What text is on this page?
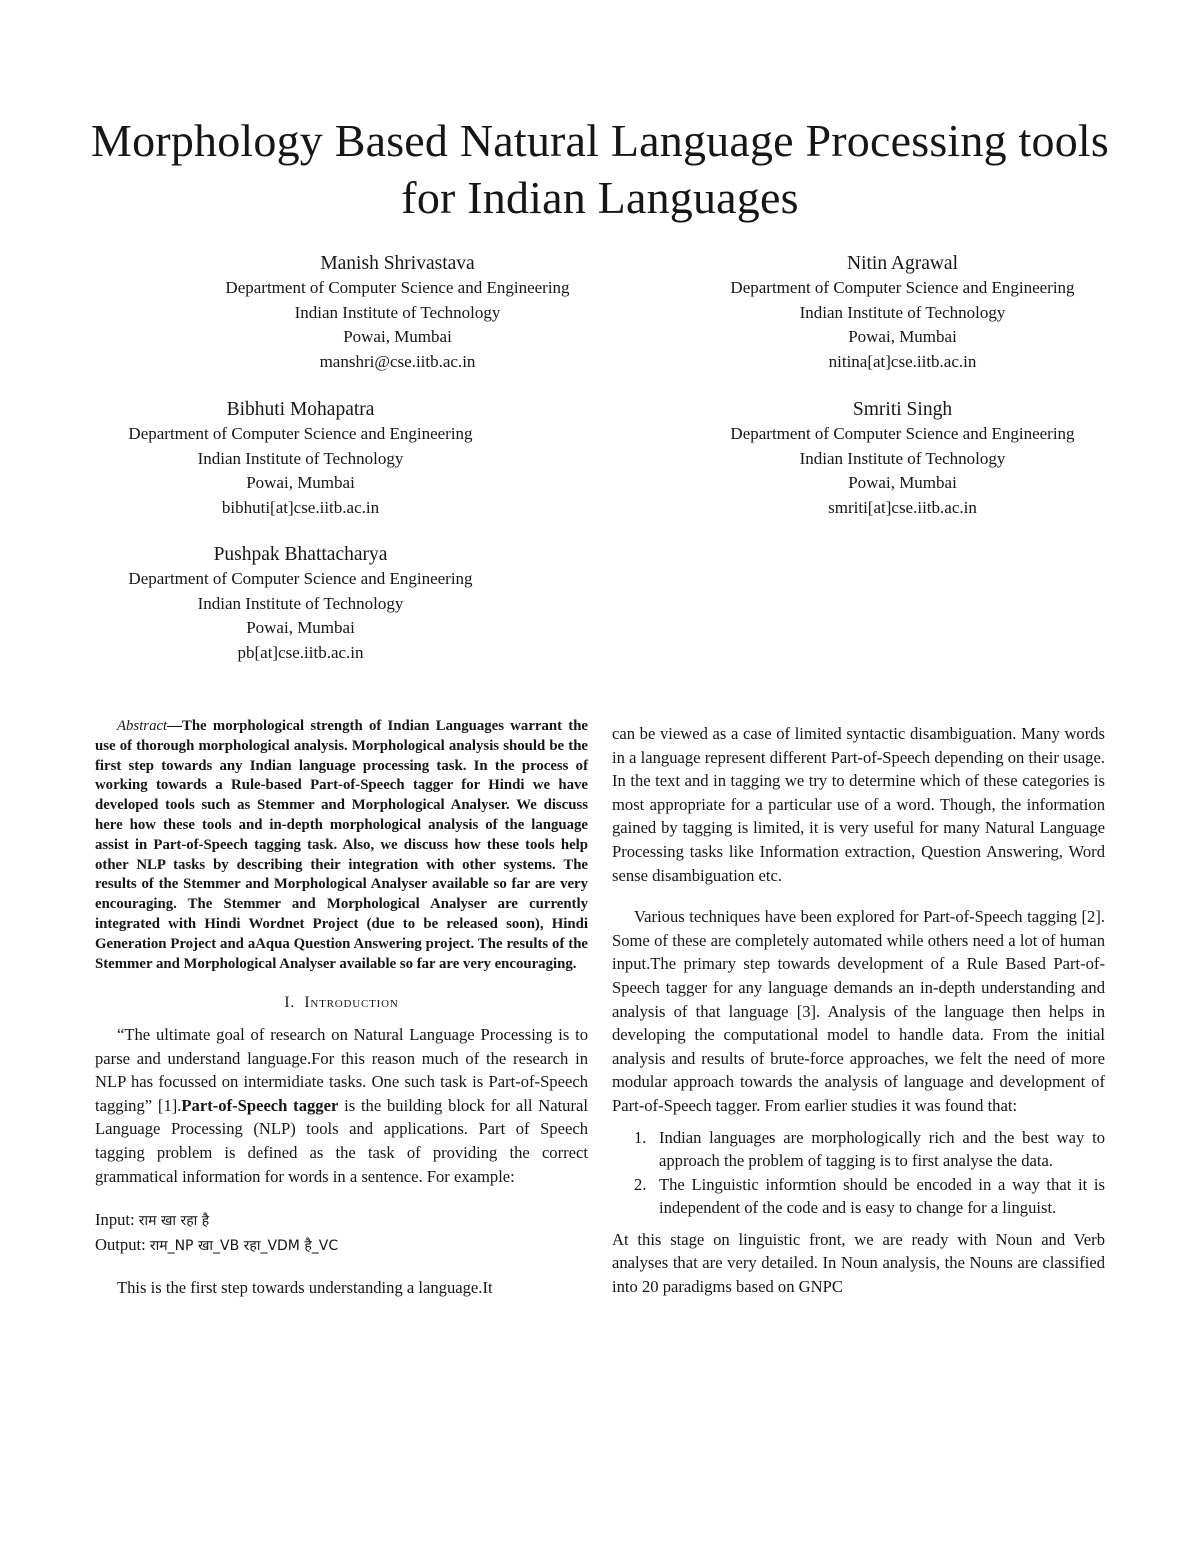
Morphology Based Natural Language Processing tools for Indian Languages
Manish Shrivastava
Department of Computer Science and Engineering
Indian Institute of Technology
Powai, Mumbai
manshri@cse.iitb.ac.in
Nitin Agrawal
Department of Computer Science and Engineering
Indian Institute of Technology
Powai, Mumbai
nitina[at]cse.iitb.ac.in
Bibhuti Mohapatra
Department of Computer Science and Engineering
Indian Institute of Technology
Powai, Mumbai
bibhuti[at]cse.iitb.ac.in
Smriti Singh
Department of Computer Science and Engineering
Indian Institute of Technology
Powai, Mumbai
smriti[at]cse.iitb.ac.in
Pushpak Bhattacharya
Department of Computer Science and Engineering
Indian Institute of Technology
Powai, Mumbai
pb[at]cse.iitb.ac.in

Abstract—The morphological strength of Indian Languages warrant the use of thorough morphological analysis. Morphological analysis should be the first step towards any Indian language processing task. In the process of working towards a Rule-based Part-of-Speech tagger for Hindi we have developed tools such as Stemmer and Morphological Analyser. We discuss here how these tools and in-depth morphological analysis of the language assist in Part-of-Speech tagging task. Also, we discuss how these tools help other NLP tasks by describing their integration with other systems. The results of the Stemmer and Morphological Analyser available so far are very encouraging. The Stemmer and Morphological Analyser are currently integrated with Hindi Wordnet Project (due to be released soon), Hindi Generation Project and aAqua Question Answering project. The results of the Stemmer and Morphological Analyser available so far are very encouraging.

I. Introduction

“The ultimate goal of research on Natural Language Processing is to parse and understand language.For this reason much of the research in NLP has focussed on intermidiate tasks. One such task is Part-of-Speech tagging” [1].Part-of-Speech tagger is the building block for all Natural Language Processing (NLP) tools and applications. Part of Speech tagging problem is defined as the task of providing the correct grammatical information for words in a sentence. For example:

Input: राम खा रहा है
Output: राम_NP खा_VB रहा_VDM है_VC

This is the first step towards understanding a language.It

can be viewed as a case of limited syntactic disambiguation. Many words in a language represent different Part-of-Speech depending on their usage. In the text and in tagging we try to determine which of these categories is most appropriate for a particular use of a word. Though, the information gained by tagging is limited, it is very useful for many Natural Language Processing tasks like Information extraction, Question Answering, Word sense disambiguation etc.

Various techniques have been explored for Part-of-Speech tagging [2]. Some of these are completely automated while others need a lot of human input.The primary step towards development of a Rule Based Part-of-Speech tagger for any language demands an in-depth understanding and analysis of that language [3]. Analysis of the language then helps in developing the computational model to handle data. From the initial analysis and results of brute-force approaches, we felt the need of more modular approach towards the analysis of language and development of Part-of-Speech tagger. From earlier studies it was found that:

1. Indian languages are morphologically rich and the best way to approach the problem of tagging is to first analyse the data.
2. The Linguistic informtion should be encoded in a way that it is independent of the code and is easy to change for a linguist.

At this stage on linguistic front, we are ready with Noun and Verb analyses that are very detailed. In Noun analysis, the Nouns are classified into 20 paradigms based on GNPC
